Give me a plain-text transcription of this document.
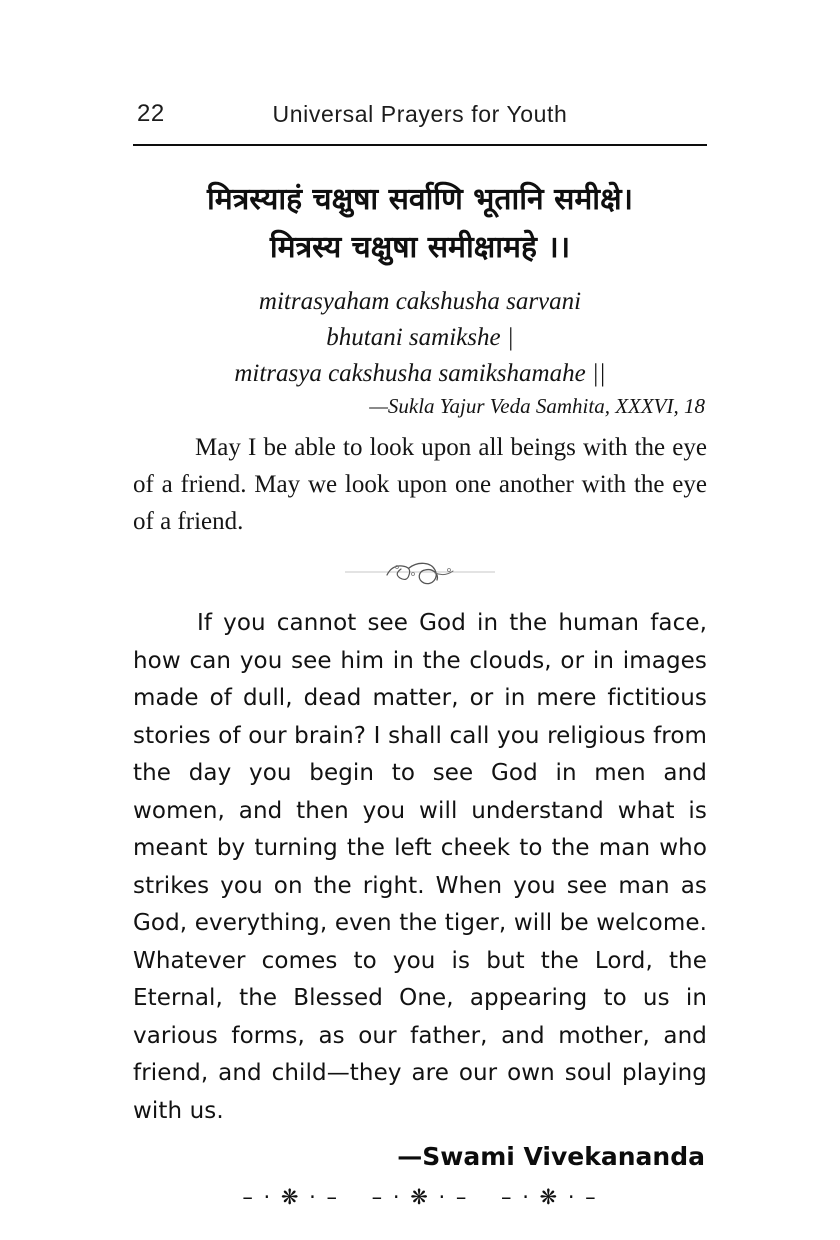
22	Universal Prayers for Youth
मित्रस्याहं चक्षुषा सर्वाणि भूतानि समीक्षे।
मित्रस्य चक्षुषा समीक्षामहे ।।
mitrasyaham cakshusha sarvani
bhutani samikshe |
mitrasya cakshusha samikshamahe ||
—Sukla Yajur Veda Samhita, XXXVI, 18

May I be able to look upon all beings with the eye of a friend. May we look upon one another with the eye of a friend.

If you cannot see God in the human face, how can you see him in the clouds, or in images made of dull, dead matter, or in mere fictitious stories of our brain? I shall call you religious from the day you begin to see God in men and women, and then you will understand what is meant by turning the left cheek to the man who strikes you on the right. When you see man as God, everything, even the tiger, will be welcome. Whatever comes to you is but the Lord, the Eternal, the Blessed One, appearing to us in various forms, as our father, and mother, and friend, and child—they are our own soul playing with us.

—Swami Vivekananda
– · ❋ · – – · ❋ · – – · ❋ · –
